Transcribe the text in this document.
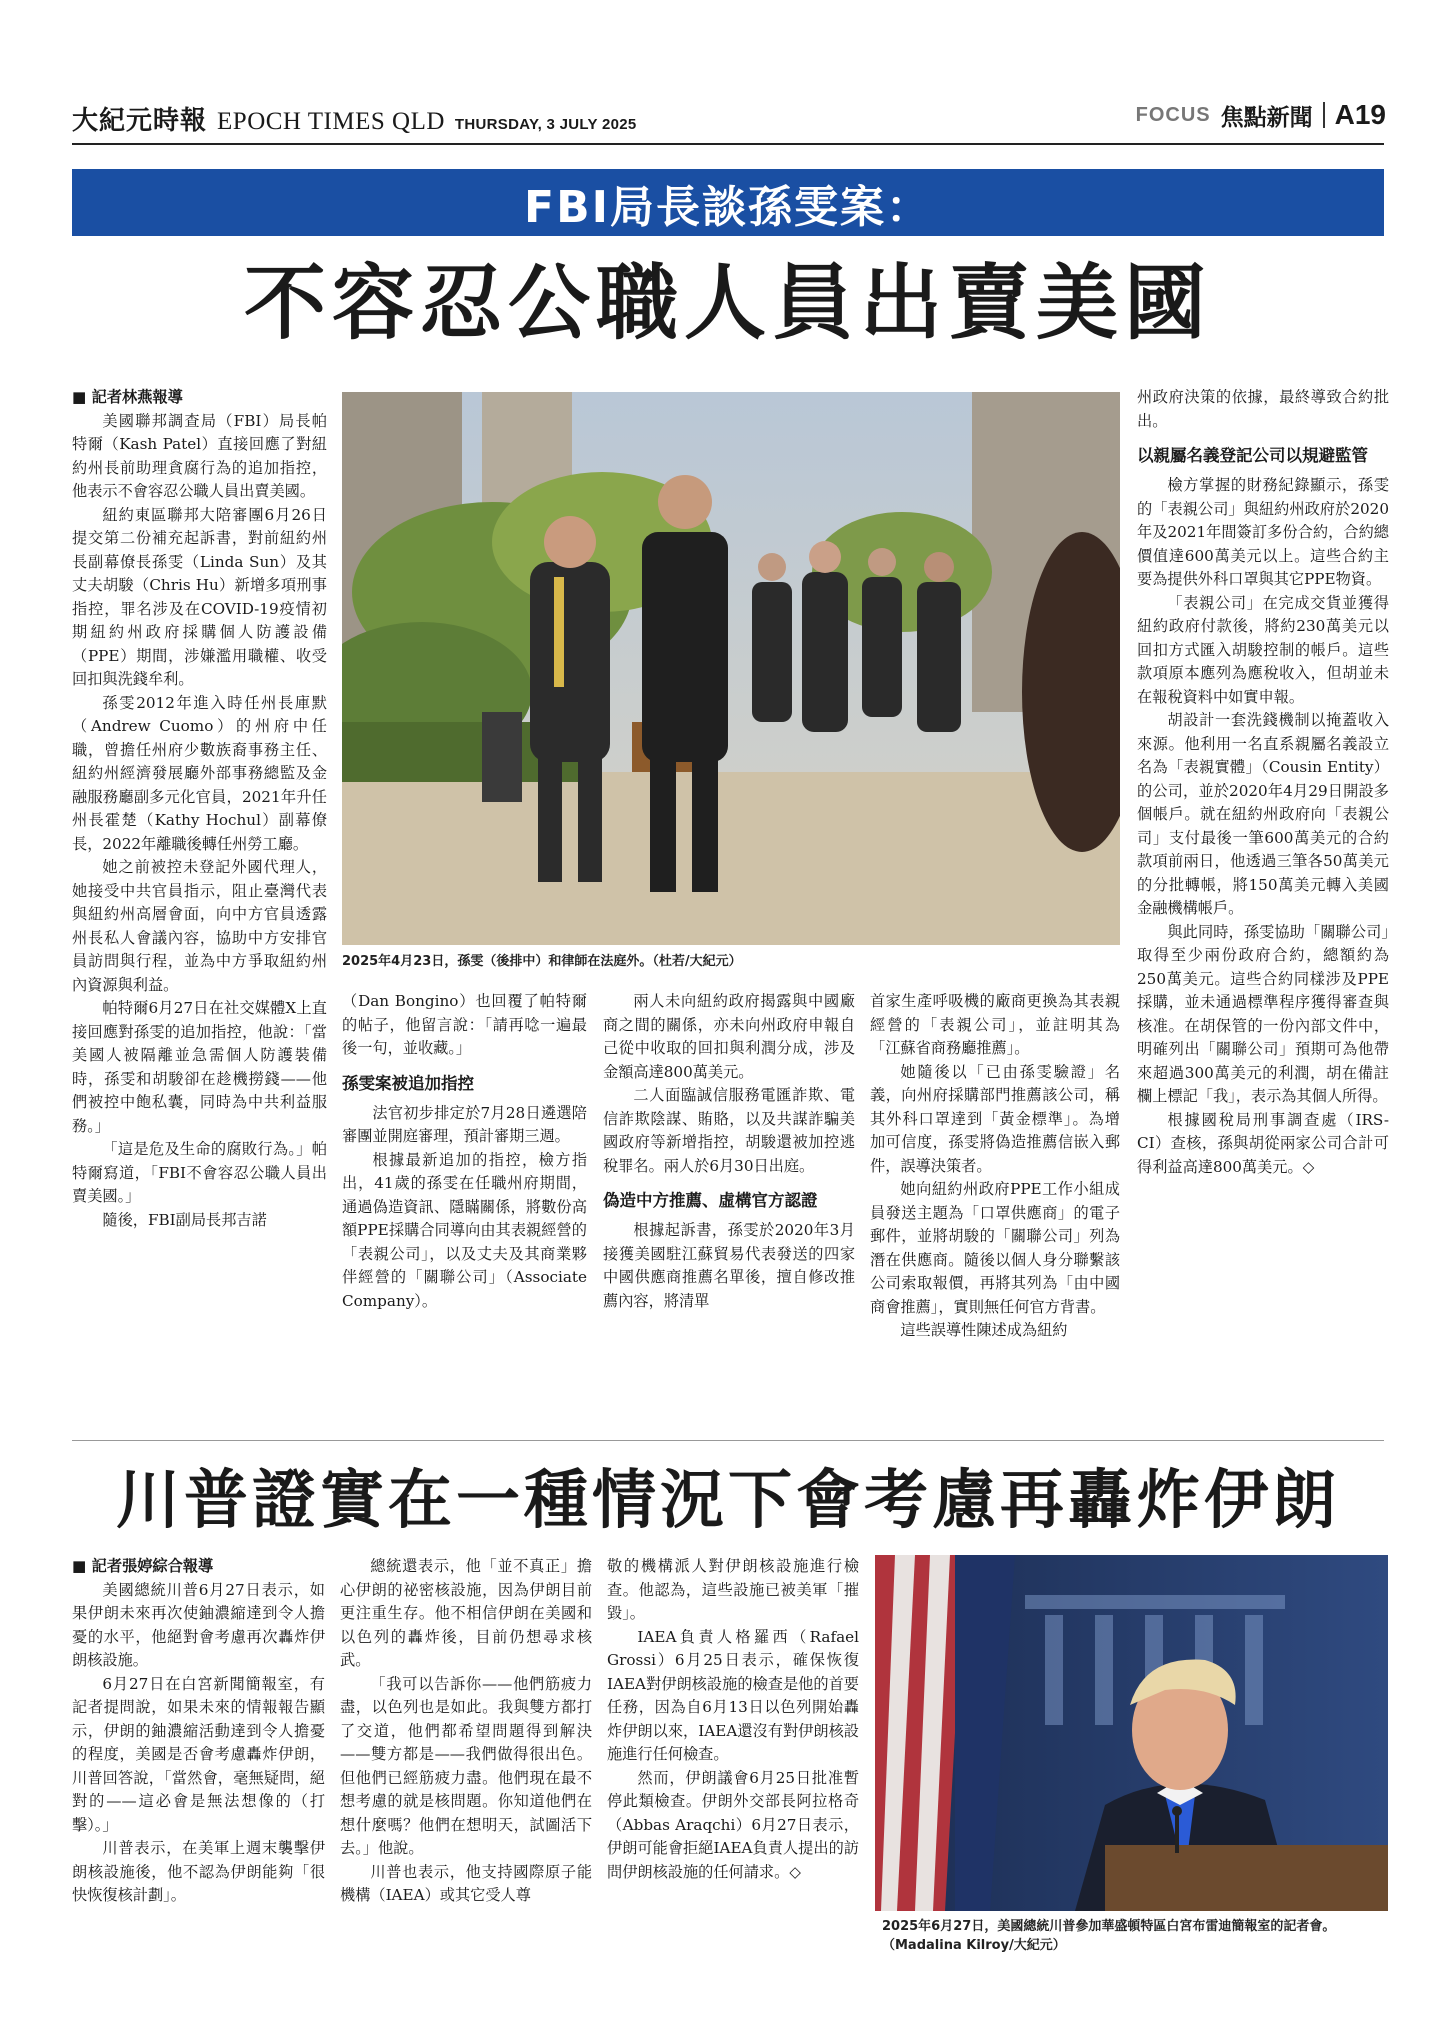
大紀元時報 EPOCH TIMES QLD THURSDAY, 3 JULY 2025	FOCUS 焦點新聞 A19
FBI局長談孫雯案：
不容忍公職人員出賣美國

■ 記者林燕報導

美國聯邦調查局（FBI）局長帕特爾（Kash Patel）直接回應了對紐約州長前助理貪腐行為的追加指控，他表示不會容忍公職人員出賣美國。

紐約東區聯邦大陪審團6月26日提交第二份補充起訴書，對前紐約州長副幕僚長孫雯（Linda Sun）及其丈夫胡駿（Chris Hu）新增多項刑事指控，罪名涉及在COVID-19疫情初期紐約州政府採購個人防護設備（PPE）期間，涉嫌濫用職權、收受回扣與洗錢牟利。

孫雯2012年進入時任州長庫默（Andrew Cuomo）的州府中任職，曾擔任州府少數族裔事務主任、紐約州經濟發展廳外部事務總監及金融服務廳副多元化官員，2021年升任州長霍楚（Kathy Hochul）副幕僚長，2022年離職後轉任州勞工廳。

她之前被控未登記外國代理人，她接受中共官員指示，阻止臺灣代表與紐約州高層會面，向中方官員透露州長私人會議內容，協助中方安排官員訪問與行程，並為中方爭取紐約州內資源與利益。

帕特爾6月27日在社交媒體X上直接回應對孫雯的追加指控，他說：「當美國人被隔離並急需個人防護裝備時，孫雯和胡駿卻在趁機撈錢——他們被控中飽私囊，同時為中共利益服務。」

「這是危及生命的腐敗行為。」帕特爾寫道，「FBI不會容忍公職人員出賣美國。」

隨後，FBI副局長邦吉諾

2025年4月23日，孫雯（後排中）和律師在法庭外。（杜若/大紀元）

（Dan Bongino）也回覆了帕特爾的帖子，他留言說：「請再唸一遍最後一句，並收藏。」

孫雯案被追加指控

法官初步排定於7月28日遴選陪審團並開庭審理，預計審期三週。

根據最新追加的指控，檢方指出，41歲的孫雯在任職州府期間，通過偽造資訊、隱瞞關係，將數份高額PPE採購合同導向由其表親經營的「表親公司」，以及丈夫及其商業夥伴經營的「關聯公司」（Associate Company）。

兩人未向紐約政府揭露與中國廠商之間的關係，亦未向州政府申報自己從中收取的回扣與利潤分成，涉及金額高達800萬美元。

二人面臨誠信服務電匯詐欺、電信詐欺陰謀、賄賂，以及共謀詐騙美國政府等新增指控，胡駿還被加控逃稅罪名。兩人於6月30日出庭。

偽造中方推薦、虛構官方認證

根據起訴書，孫雯於2020年3月接獲美國駐江蘇貿易代表發送的四家中國供應商推薦名單後，擅自修改推薦內容，將清單

首家生產呼吸機的廠商更換為其表親經營的「表親公司」，並註明其為「江蘇省商務廳推薦」。

她隨後以「已由孫雯驗證」名義，向州府採購部門推薦該公司，稱其外科口罩達到「黃金標準」。為增加可信度，孫雯將偽造推薦信嵌入郵件，誤導決策者。

她向紐約州政府PPE工作小組成員發送主題為「口罩供應商」的電子郵件，並將胡駿的「關聯公司」列為潛在供應商。隨後以個人身分聯繫該公司索取報價，再將其列為「由中國商會推薦」，實則無任何官方背書。

這些誤導性陳述成為紐約

州政府決策的依據，最終導致合約批出。

以親屬名義登記公司以規避監管

檢方掌握的財務紀錄顯示，孫雯的「表親公司」與紐約州政府於2020年及2021年間簽訂多份合約，合約總價值達600萬美元以上。這些合約主要為提供外科口罩與其它PPE物資。

「表親公司」在完成交貨並獲得紐約政府付款後，將約230萬美元以回扣方式匯入胡駿控制的帳戶。這些款項原本應列為應稅收入，但胡並未在報稅資料中如實申報。

胡設計一套洗錢機制以掩蓋收入來源。他利用一名直系親屬名義設立名為「表親實體」（Cousin Entity）的公司，並於2020年4月29日開設多個帳戶。就在紐約州政府向「表親公司」支付最後一筆600萬美元的合約款項前兩日，他透過三筆各50萬美元的分批轉帳，將150萬美元轉入美國金融機構帳戶。

與此同時，孫雯協助「關聯公司」取得至少兩份政府合約，總額約為250萬美元。這些合約同樣涉及PPE採購，並未通過標準程序獲得審查與核准。在胡保管的一份內部文件中，明確列出「關聯公司」預期可為他帶來超過300萬美元的利潤，胡在備註欄上標記「我」，表示為其個人所得。

根據國稅局刑事調查處（IRS-CI）查核，孫與胡從兩家公司合計可得利益高達800萬美元。◇

川普證實在一種情況下會考慮再轟炸伊朗

■ 記者張婷綜合報導

美國總統川普6月27日表示，如果伊朗未來再次使鈾濃縮達到令人擔憂的水平，他絕對會考慮再次轟炸伊朗核設施。

6月27日在白宮新聞簡報室，有記者提問說，如果未來的情報報告顯示，伊朗的鈾濃縮活動達到令人擔憂的程度，美國是否會考慮轟炸伊朗，川普回答說，「當然會，毫無疑問，絕對的——這必會是無法想像的（打擊）。」

川普表示，在美軍上週末襲擊伊朗核設施後，他不認為伊朗能夠「很快恢復核計劃」。

總統還表示，他「並不真正」擔心伊朗的祕密核設施，因為伊朗目前更注重生存。他不相信伊朗在美國和以色列的轟炸後，目前仍想尋求核武。

「我可以告訴你——他們筋疲力盡，以色列也是如此。我與雙方都打了交道，他們都希望問題得到解決——雙方都是——我們做得很出色。但他們已經筋疲力盡。他們現在最不想考慮的就是核問題。你知道他們在想什麼嗎？他們在想明天，試圖活下去。」他說。

川普也表示，他支持國際原子能機構（IAEA）或其它受人尊

敬的機構派人對伊朗核設施進行檢查。他認為，這些設施已被美軍「摧毀」。

IAEA負責人格羅西（Rafael Grossi）6月25日表示，確保恢復IAEA對伊朗核設施的檢查是他的首要任務，因為自6月13日以色列開始轟炸伊朗以來，IAEA還沒有對伊朗核設施進行任何檢查。

然而，伊朗議會6月25日批准暫停此類檢查。伊朗外交部長阿拉格奇（Abbas Araqchi）6月27日表示，伊朗可能會拒絕IAEA負責人提出的訪問伊朗核設施的任何請求。◇

2025年6月27日，美國總統川普參加華盛頓特區白宮布雷迪簡報室的記者會。
（Madalina Kilroy/大紀元）
